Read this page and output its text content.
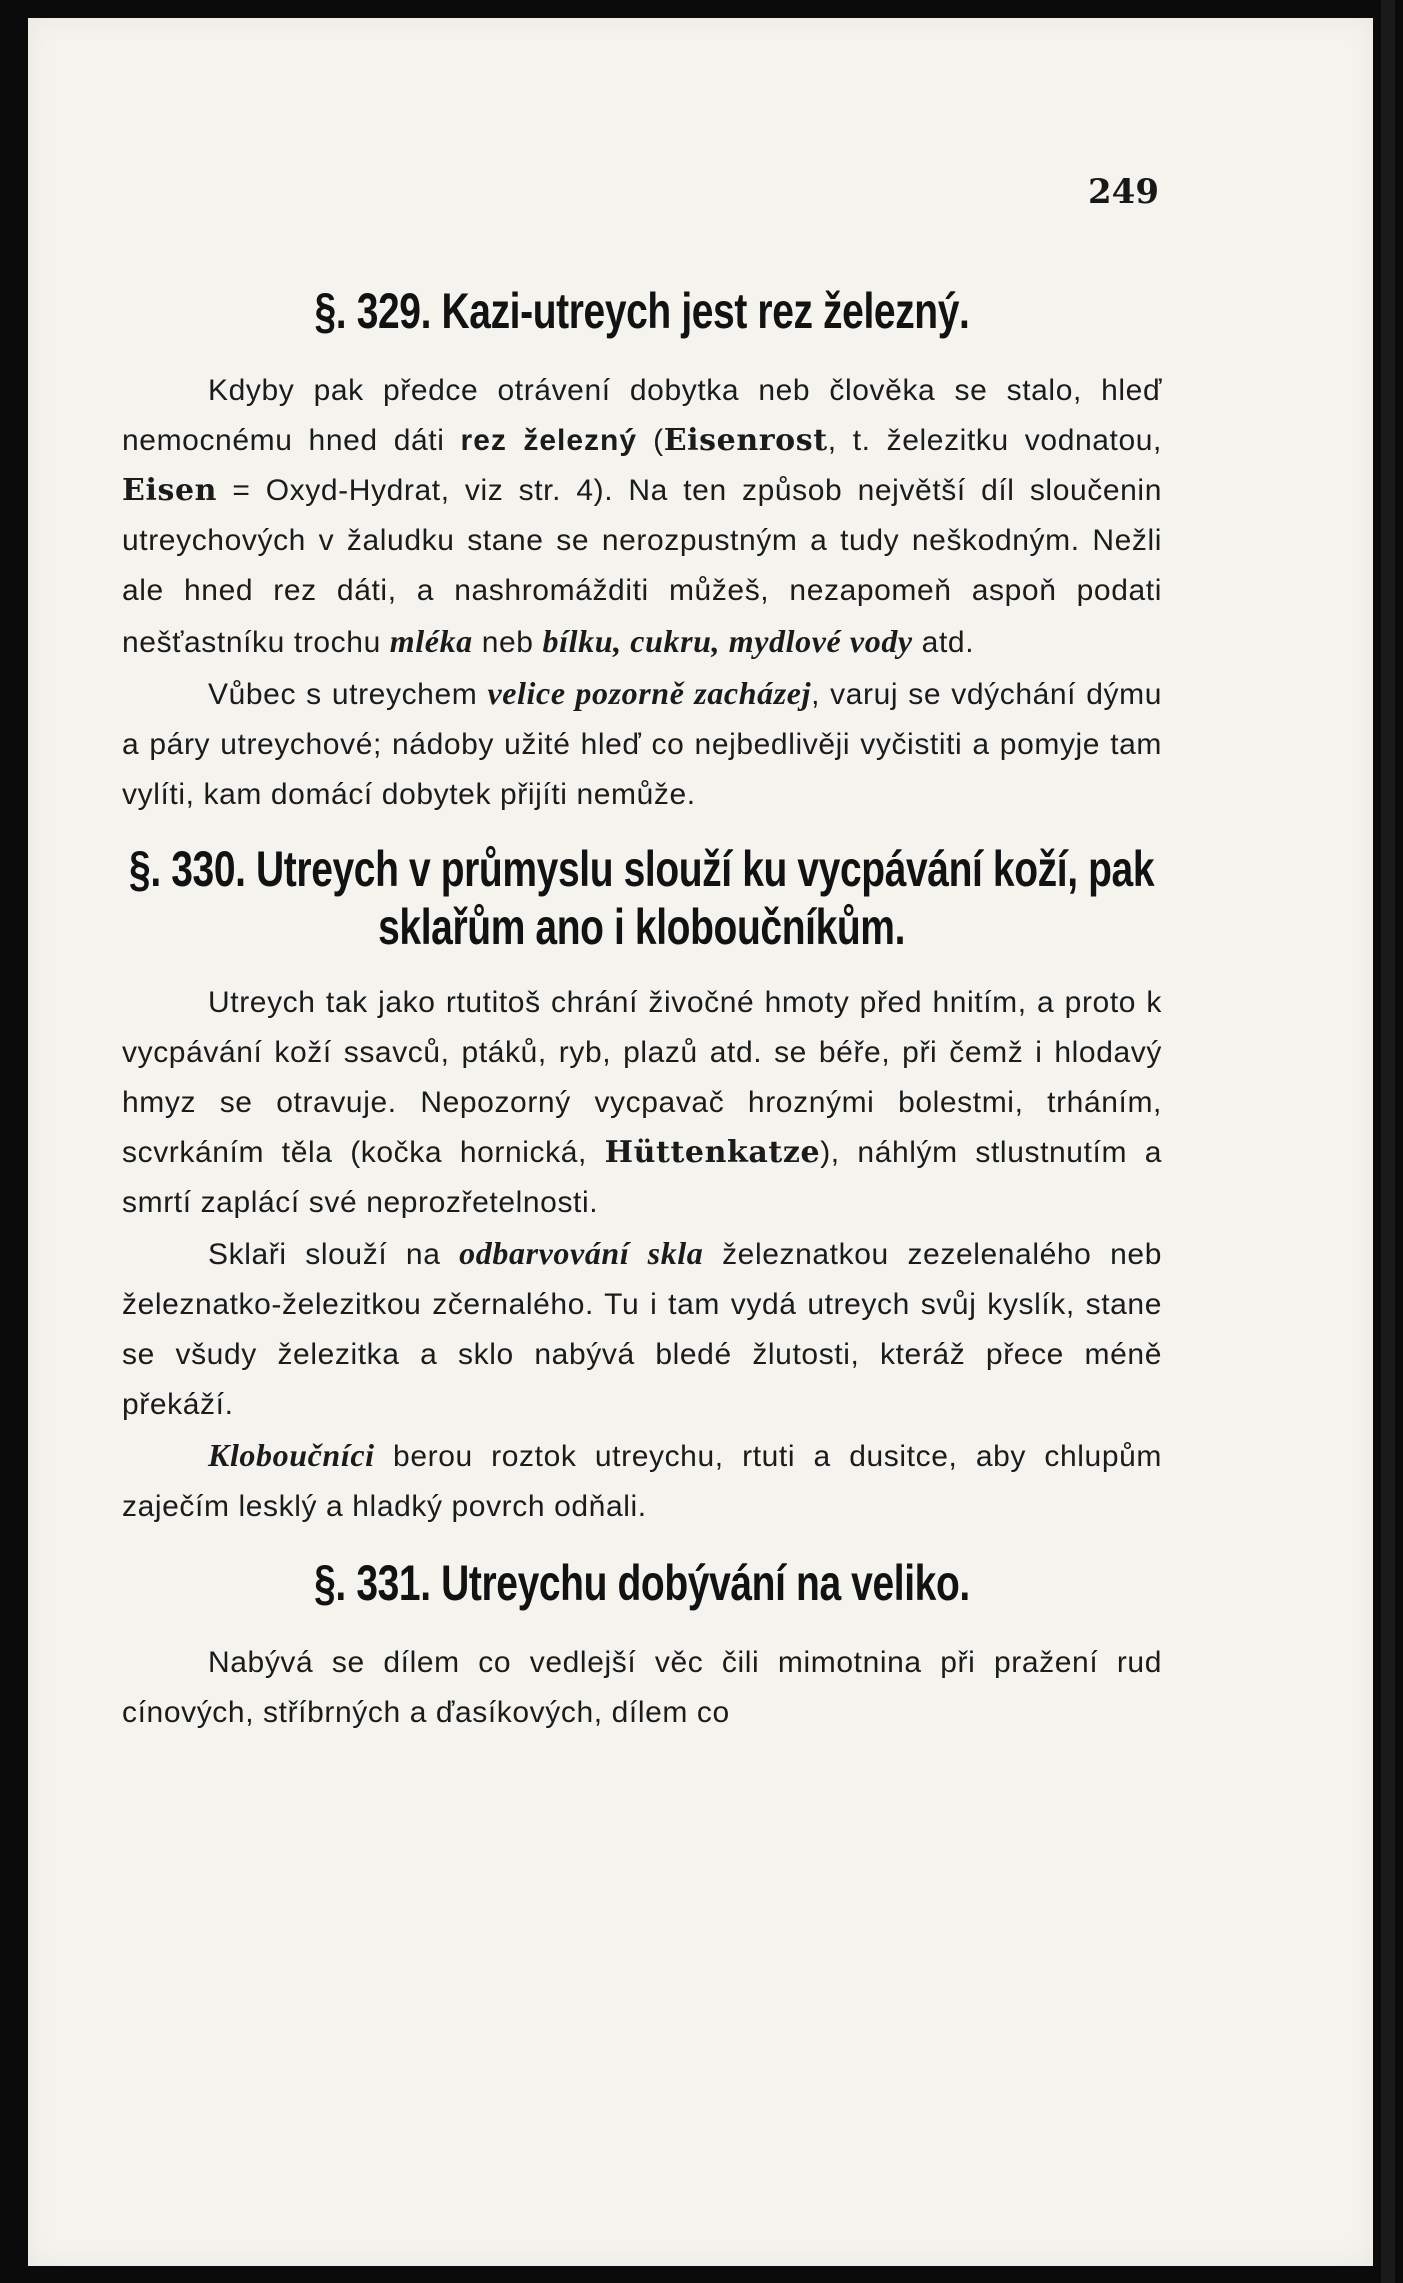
249
§. 329. Kazi-utreych jest rez železný.

Kdyby pak předce otrávení dobytka neb člověka se stalo, hleď nemocnému hned dáti rez železný (Eisenrost, t. železitku vodnatou, Eisen = Oxyd-Hydrat, viz str. 4). Na ten způsob největší díl sloučenin utreychových v žaludku stane se nerozpustným a tudy neškodným. Nežli ale hned rez dáti, a nashromážditi můžeš, nezapomeň aspoň podati nešťastníku trochu mléka neb bílku, cukru, mydlové vody atd.

Vůbec s utreychem velice pozorně zacházej, varuj se vdýchání dýmu a páry utreychové; nádoby užité hleď co nejbedlivěji vyčistiti a pomyje tam vylíti, kam domácí dobytek přijíti nemůže.

§. 330. Utreych v průmyslu slouží ku vycpávání koží, pak sklařům ano i kloboučníkům.

Utreych tak jako rtutitoš chrání živočné hmoty před hnitím, a proto k vycpávání koží ssavců, ptáků, ryb, plazů atd. se béře, při čemž i hlodavý hmyz se otravuje. Nepozorný vycpavač hroznými bolestmi, trháním, scvrkáním těla (kočka hornická, Hüttenkatze), náhlým stlustnutím a smrtí zaplácí své neprozřetelnosti.

Sklaři slouží na odbarvování skla železnatkou zezelenalého neb železnatko-železitkou zčernalého. Tu i tam vydá utreych svůj kyslík, stane se všudy železitka a sklo nabývá bledé žlutosti, kteráž přece méně překáží.

Kloboučníci berou roztok utreychu, rtuti a dusitce, aby chlupům zaječím lesklý a hladký povrch odňali.

§. 331. Utreychu dobývání na veliko.

Nabývá se dílem co vedlejší věc čili mimotnina při pražení rud cínových, stříbrných a ďasíkových, dílem co
